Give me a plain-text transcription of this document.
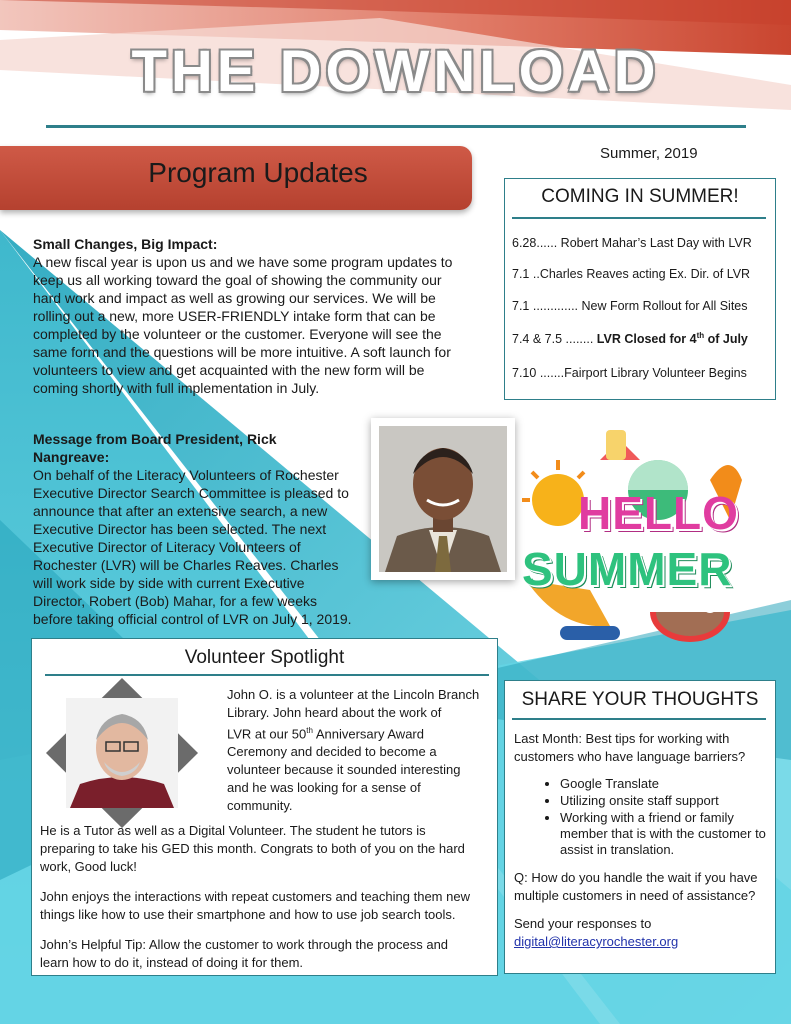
THE DOWNLOAD
Summer, 2019
Program Updates
Small Changes, Big Impact:
A new fiscal year is upon us and we have some program updates to
keep us all working toward the goal of showing the community our
hard work and impact as well as growing our services. We will be
rolling out a new, more USER-FRIENDLY intake form that can be
completed by the volunteer or the customer. Everyone will see the
same form and the questions will be more intuitive. A soft launch for
volunteers to view and get acquainted with the new form will be
coming shortly with full implementation in July.
Message from Board President, Rick
Nangreave:
On behalf of the Literacy Volunteers of Rochester
Executive Director Search Committee is pleased to
announce that after an extensive search, a new
Executive Director has been selected. The next
Executive Director of Literacy Volunteers of
Rochester (LVR) will be Charles Reaves. Charles
will work side by side with current Executive
Director, Robert (Bob) Mahar, for a few weeks
before taking official control of LVR on July 1, 2019.
COMING IN SUMMER!
6.28...... Robert Mahar’s Last Day with LVR
7.1 ..Charles Reaves acting Ex. Dir. of LVR
7.1 ............. New Form Rollout for All Sites
7.4 & 7.5 ........ LVR Closed for 4th of July
7.10 .......Fairport Library Volunteer Begins
HELLO
SUMMER
Volunteer Spotlight
John O. is a volunteer at the Lincoln Branch
Library. John heard about the work of
LVR at our 50th Anniversary Award
Ceremony and decided to become a
volunteer because it sounded interesting
and he was looking for a sense of
community.
He is a Tutor as well as a Digital Volunteer. The student he tutors is
preparing to take his GED this month. Congrats to both of you on the hard
work, Good luck!
John enjoys the interactions with repeat customers and teaching them new
things like how to use their smartphone and how to use job search tools.
John’s Helpful Tip: Allow the customer to work through the process and
learn how to do it, instead of doing it for them.
SHARE YOUR THOUGHTS
Last Month: Best tips for working with
customers who have language barriers?
• Google Translate
• Utilizing onsite staff support
• Working with a friend or family member that is with the customer to assist in translation.
Q: How do you handle the wait if you have
multiple customers in need of assistance?
Send your responses to
digital@literacyrochester.org
